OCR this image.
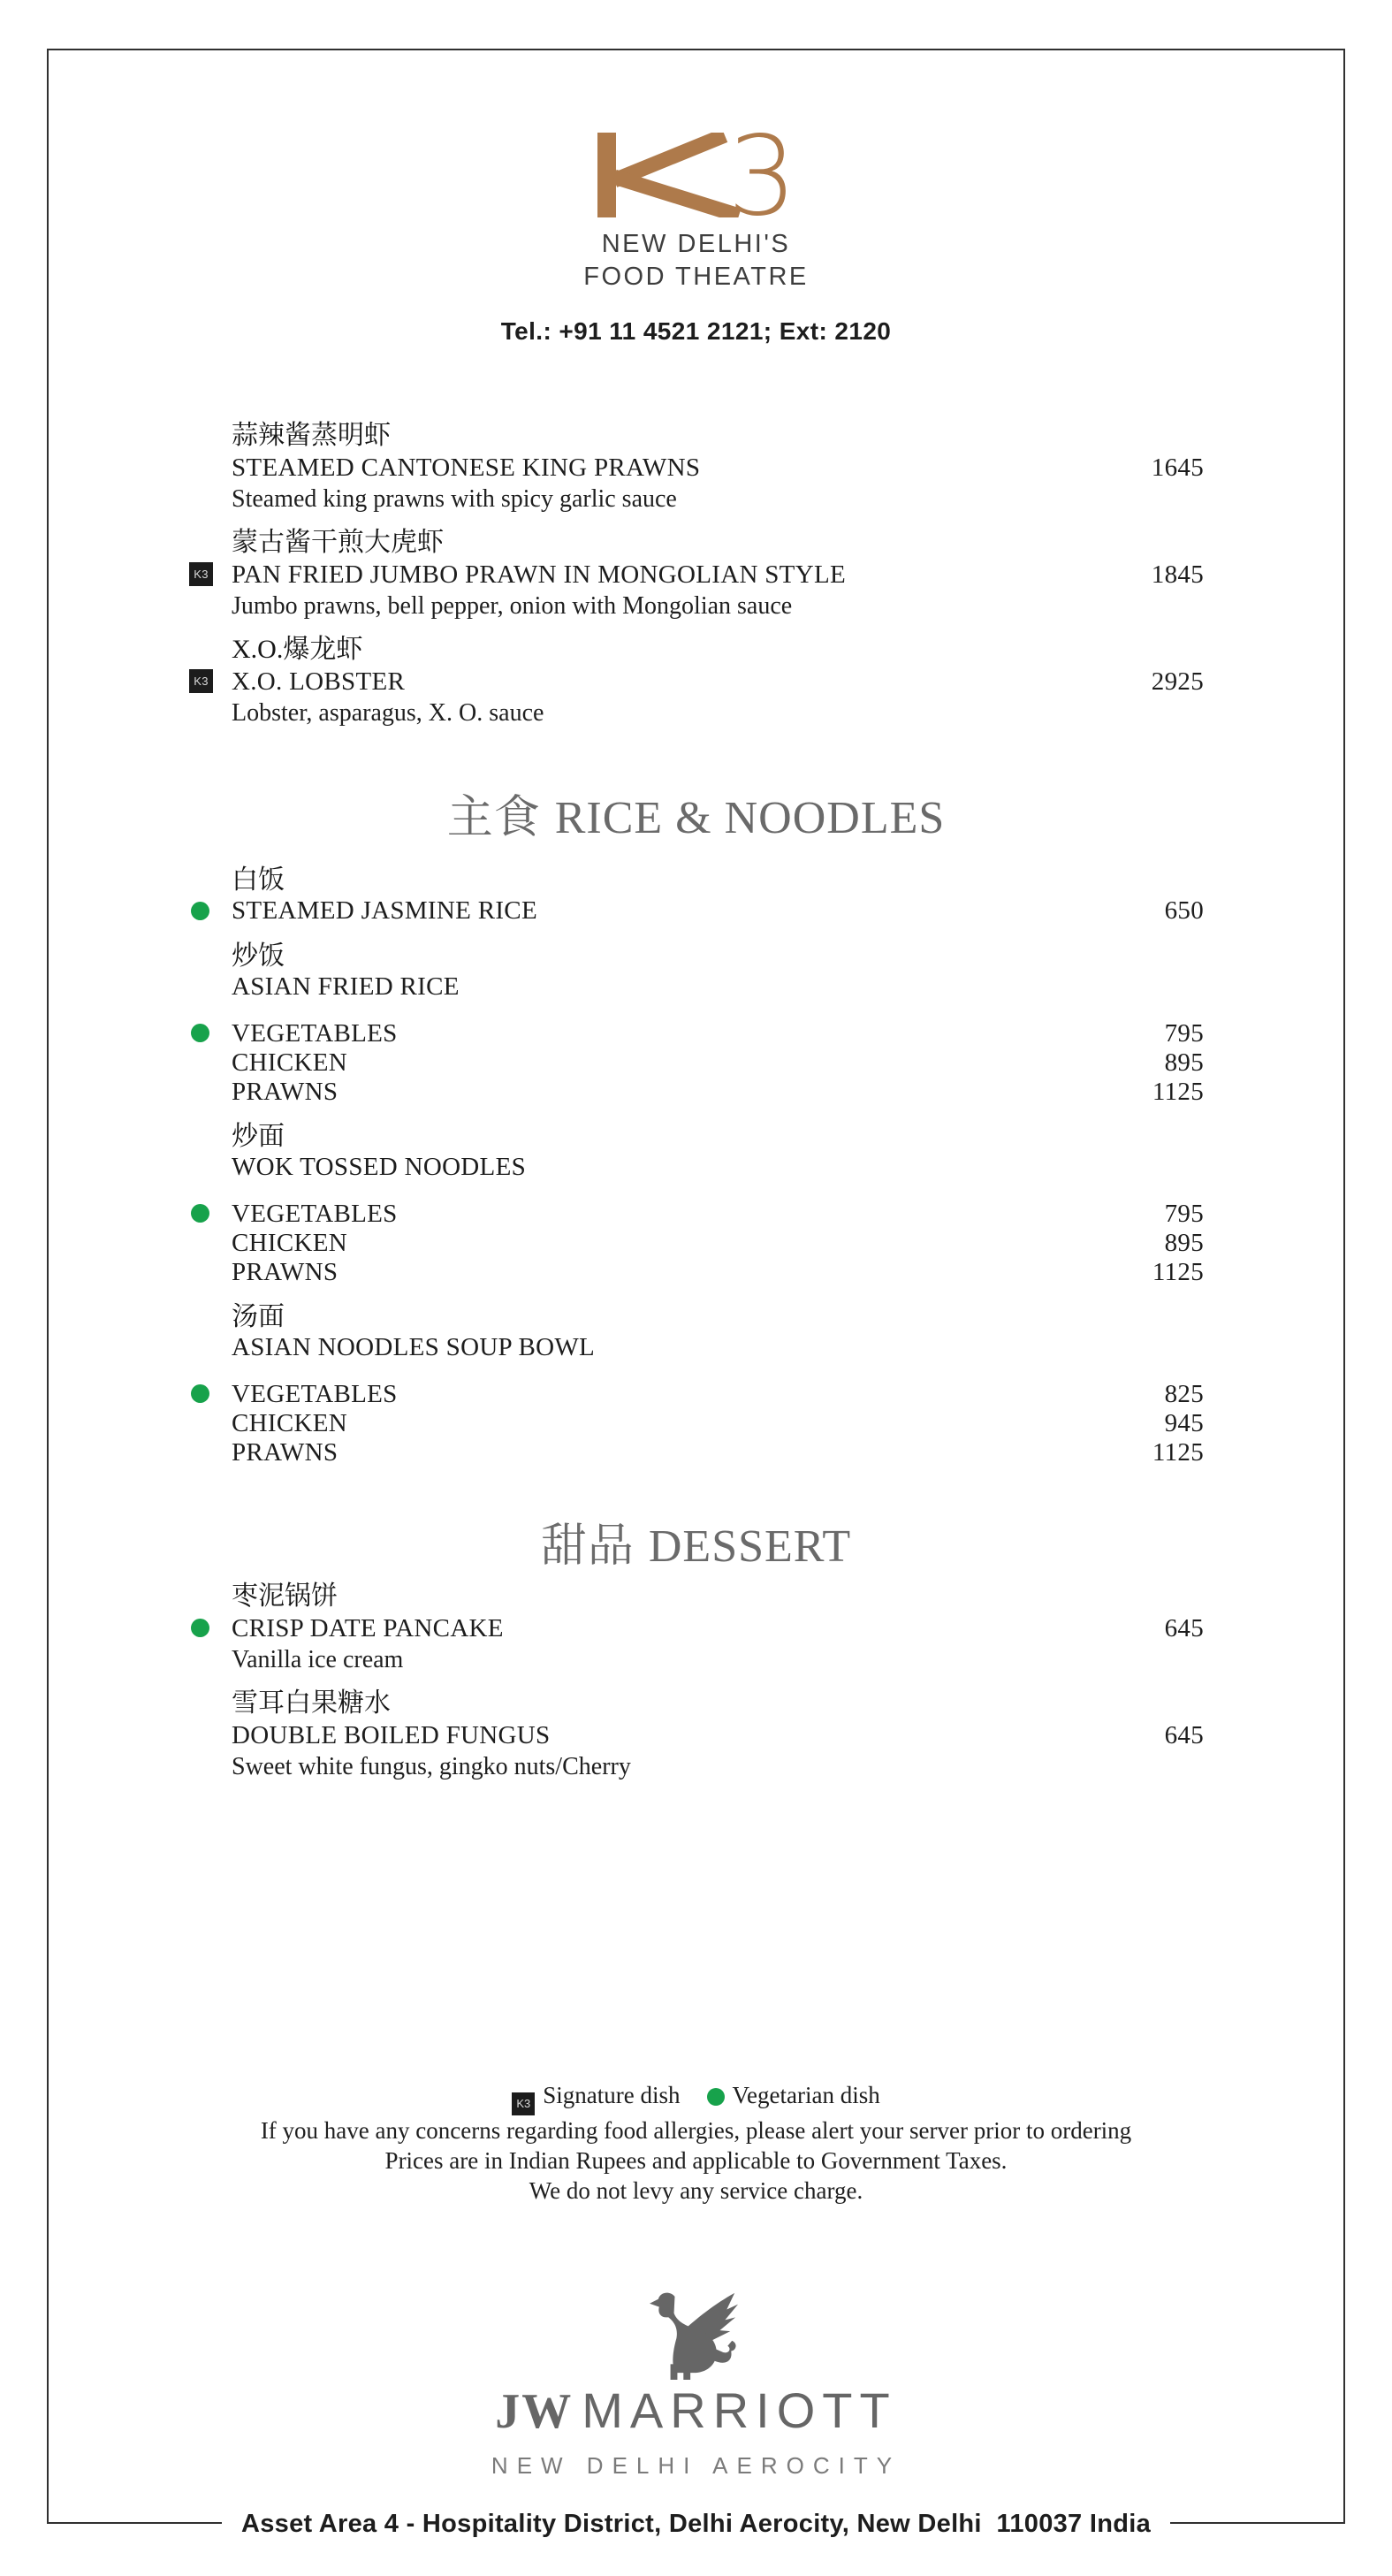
3
NEW DELHI'S
FOOD THEATRE
Tel.: +91 11 4521 2121; Ext: 2120
蒜辣酱蒸明虾
STEAMED CANTONESE KING PRAWNS	1645
Steamed king prawns with spicy garlic sauce
蒙古酱干煎大虎虾
K3 PAN FRIED JUMBO PRAWN IN MONGOLIAN STYLE	1845
Jumbo prawns, bell pepper, onion with Mongolian sauce
X.O.爆龙虾
K3 X.O. LOBSTER	2925
Lobster, asparagus, X. O. sauce
主食 RICE & NOODLES
白饭
STEAMED JASMINE RICE	650
炒饭
ASIAN FRIED RICE
VEGETABLES	795
CHICKEN	895
PRAWNS	1125
炒面
WOK TOSSED NOODLES
VEGETABLES	795
CHICKEN	895
PRAWNS	1125
汤面
ASIAN NOODLES SOUP BOWL
VEGETABLES	825
CHICKEN	945
PRAWNS	1125
甜品 DESSERT
枣泥锅饼
CRISP DATE PANCAKE	645
Vanilla ice cream
雪耳白果糖水
DOUBLE BOILED FUNGUS	645
Sweet white fungus, gingko nuts/Cherry
K3 Signature dish Vegetarian dish
If you have any concerns regarding food allergies, please alert your server prior to ordering
Prices are in Indian Rupees and applicable to Government Taxes.
We do not levy any service charge.
JW MARRIOTT
NEW DELHI AEROCITY
Asset Area 4 - Hospitality District, Delhi Aerocity, New Delhi  110037 India
